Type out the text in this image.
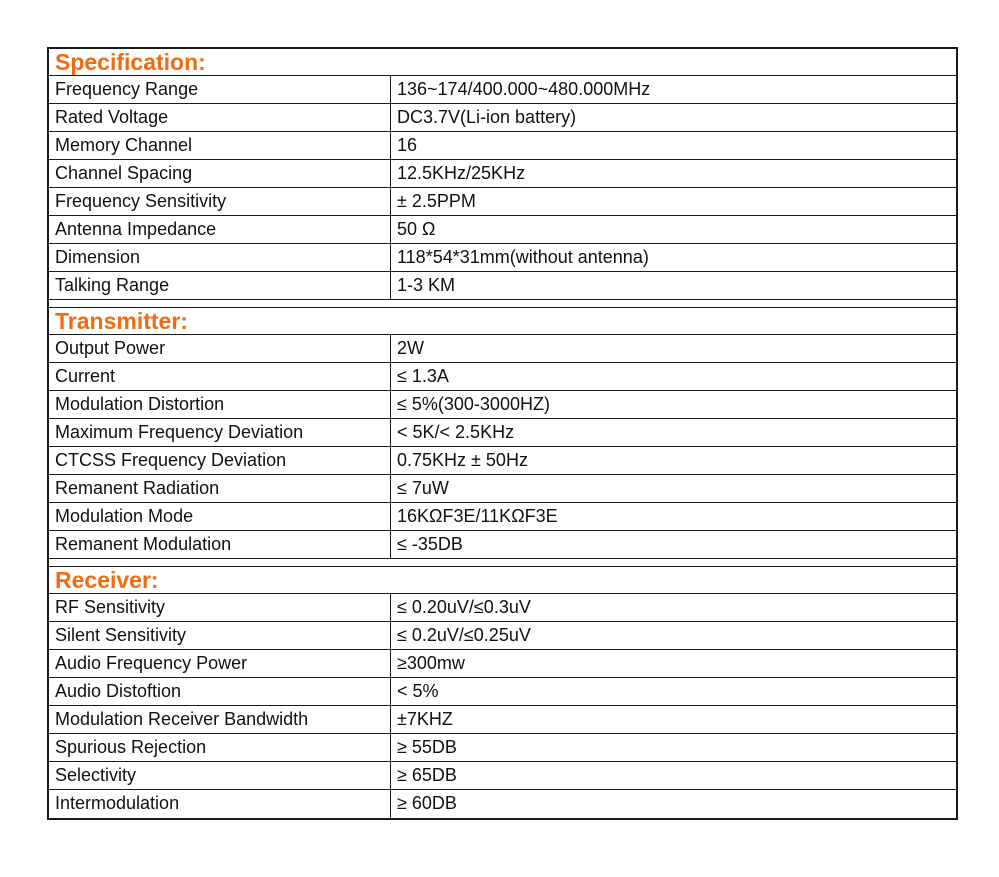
Specification:
Frequency Range	136~174/400.000~480.000MHz
Rated Voltage	DC3.7V(Li-ion battery)
Memory Channel	16
Channel Spacing	12.5KHz/25KHz
Frequency Sensitivity	± 2.5PPM
Antenna Impedance	50 Ω
Dimension	118*54*31mm(without antenna)
Talking Range	1-3 KM
Transmitter:
Output Power	2W
Current	≤ 1.3A
Modulation Distortion	≤ 5%(300-3000HZ)
Maximum Frequency Deviation	< 5K/< 2.5KHz
CTCSS Frequency Deviation	0.75KHz ± 50Hz
Remanent Radiation	≤ 7uW
Modulation Mode	16KΩF3E/11KΩF3E
Remanent Modulation	≤ -35DB
Receiver:
RF Sensitivity	≤ 0.20uV/≤0.3uV
Silent Sensitivity	≤ 0.2uV/≤0.25uV
Audio Frequency Power	≥300mw
Audio Distoftion	< 5%
Modulation Receiver Bandwidth	±7KHZ
Spurious Rejection	≥ 55DB
Selectivity	≥ 65DB
Intermodulation	≥ 60DB
